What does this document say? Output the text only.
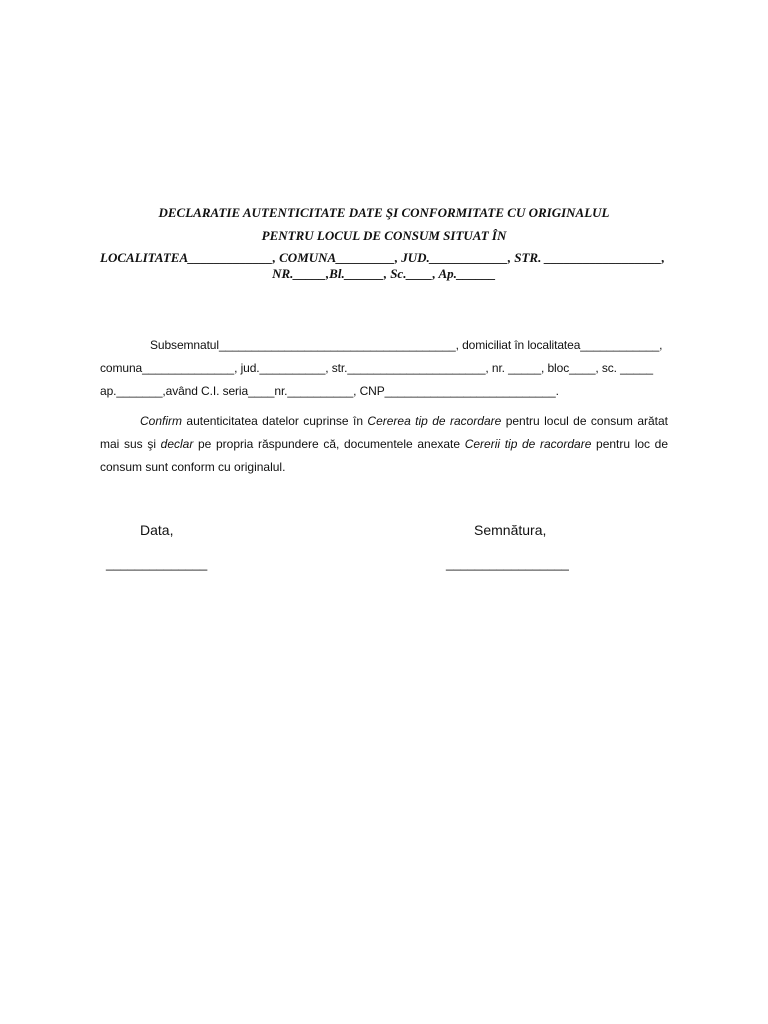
DECLARATIE AUTENTICITATE DATE ŞI CONFORMITATE CU ORIGINALUL
PENTRU LOCUL DE CONSUM SITUAT ÎN
LOCALITATEA_____________, COMUNA_________, JUD.____________, STR. __________________,
NR._____,Bl.______, Sc.____, Ap.______
Subsemnatul____________________________________, domiciliat în localitatea____________,
comuna______________, jud.__________, str._____________________, nr. _____, bloc____, sc. _____
ap._______,având C.I. seria____nr.__________, CNP__________________________.
Confirm autenticitatea datelor cuprinse în Cererea tip de racordare pentru locul de consum arătat
mai sus şi declar pe propria răspundere că, documentele anexate Cererii tip de racordare pentru loc de
consum sunt conform cu originalul.
Data,	Semnătura,
______________	_________________
